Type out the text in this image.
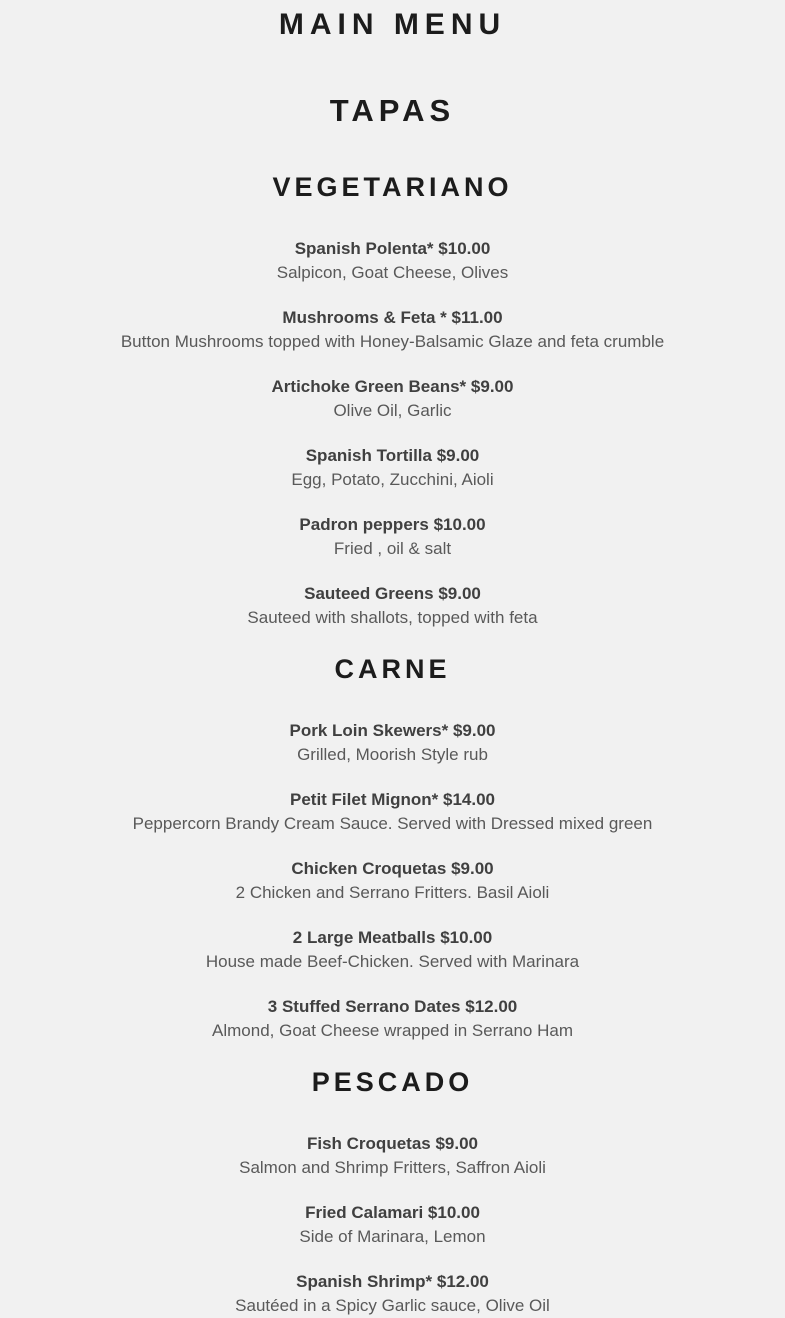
MAIN MENU
TAPAS
VEGETARIANO
Spanish Polenta* $10.00
Salpicon, Goat Cheese, Olives
Mushrooms & Feta * $11.00
Button Mushrooms topped with Honey-Balsamic Glaze and feta crumble
Artichoke Green Beans* $9.00
Olive Oil, Garlic
Spanish Tortilla $9.00
Egg, Potato, Zucchini, Aioli
Padron peppers $10.00
Fried , oil & salt
Sauteed Greens $9.00
Sauteed with shallots, topped with feta
CARNE
Pork Loin Skewers* $9.00
Grilled, Moorish Style rub
Petit Filet Mignon* $14.00
Peppercorn Brandy Cream Sauce. Served with Dressed mixed green
Chicken Croquetas $9.00
2 Chicken and Serrano Fritters. Basil Aioli
2 Large Meatballs $10.00
House made Beef-Chicken. Served with Marinara
3 Stuffed Serrano Dates $12.00
Almond, Goat Cheese wrapped in Serrano Ham
PESCADO
Fish Croquetas $9.00
Salmon and Shrimp Fritters, Saffron Aioli
Fried Calamari $10.00
Side of Marinara, Lemon
Spanish Shrimp* $12.00
Sautéed in a Spicy Garlic sauce, Olive Oil
